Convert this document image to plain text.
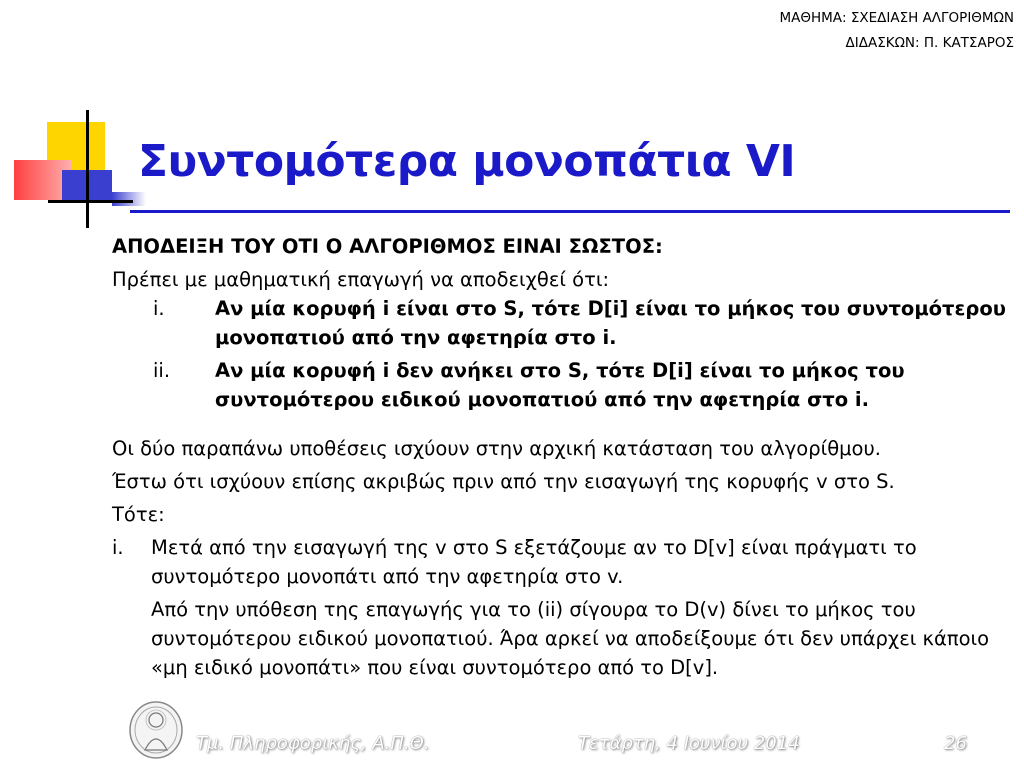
ΜΑΘΗΜΑ: ΣΧΕΔΙΑΣΗ ΑΛΓΟΡΙΘΜΩΝ
ΔΙΔΑΣΚΩΝ: Π. ΚΑΤΣΑΡΟΣ
Συντομότερα μονοπάτια VI

ΑΠΟΔΕΙΞΗ ΤΟΥ ΟΤΙ Ο ΑΛΓΟΡΙΘΜΟΣ ΕΙΝΑΙ ΣΩΣΤΟΣ:

Πρέπει με μαθηματική επαγωγή να αποδειχθεί ότι:

i.	Αν μία κορυφή i είναι στο S, τότε D[i] είναι το μήκος του συντομότερου μονοπατιού από την αφετηρία στο i.
ii. Αν μία κορυφή i δεν ανήκει στο S, τότε D[i] είναι το μήκος του συντομότερου ειδικού μονοπατιού από την αφετηρία στο i.

Οι δύο παραπάνω υποθέσεις ισχύουν στην αρχική κατάσταση του αλγορίθμου.

Έστω ότι ισχύουν επίσης ακριβώς πριν από την εισαγωγή της κορυφής v στο S.

Τότε:

i. Μετά από την εισαγωγή της v στο S εξετάζουμε αν το D[v] είναι πράγματι το συντομότερο μονοπάτι από την αφετηρία στο v.
Από την υπόθεση της επαγωγής για το (ii) σίγουρα το D(v) δίνει το μήκος του συντομότερου ειδικού μονοπατιού. Άρα αρκεί να αποδείξουμε ότι δεν υπάρχει κάποιο «μη ειδικό μονοπάτι» που είναι συντομότερο από το D[v].
Τμ. Πληροφορικής, Α.Π.Θ.	Τετάρτη, 4 Ιουνίου 2014	26
